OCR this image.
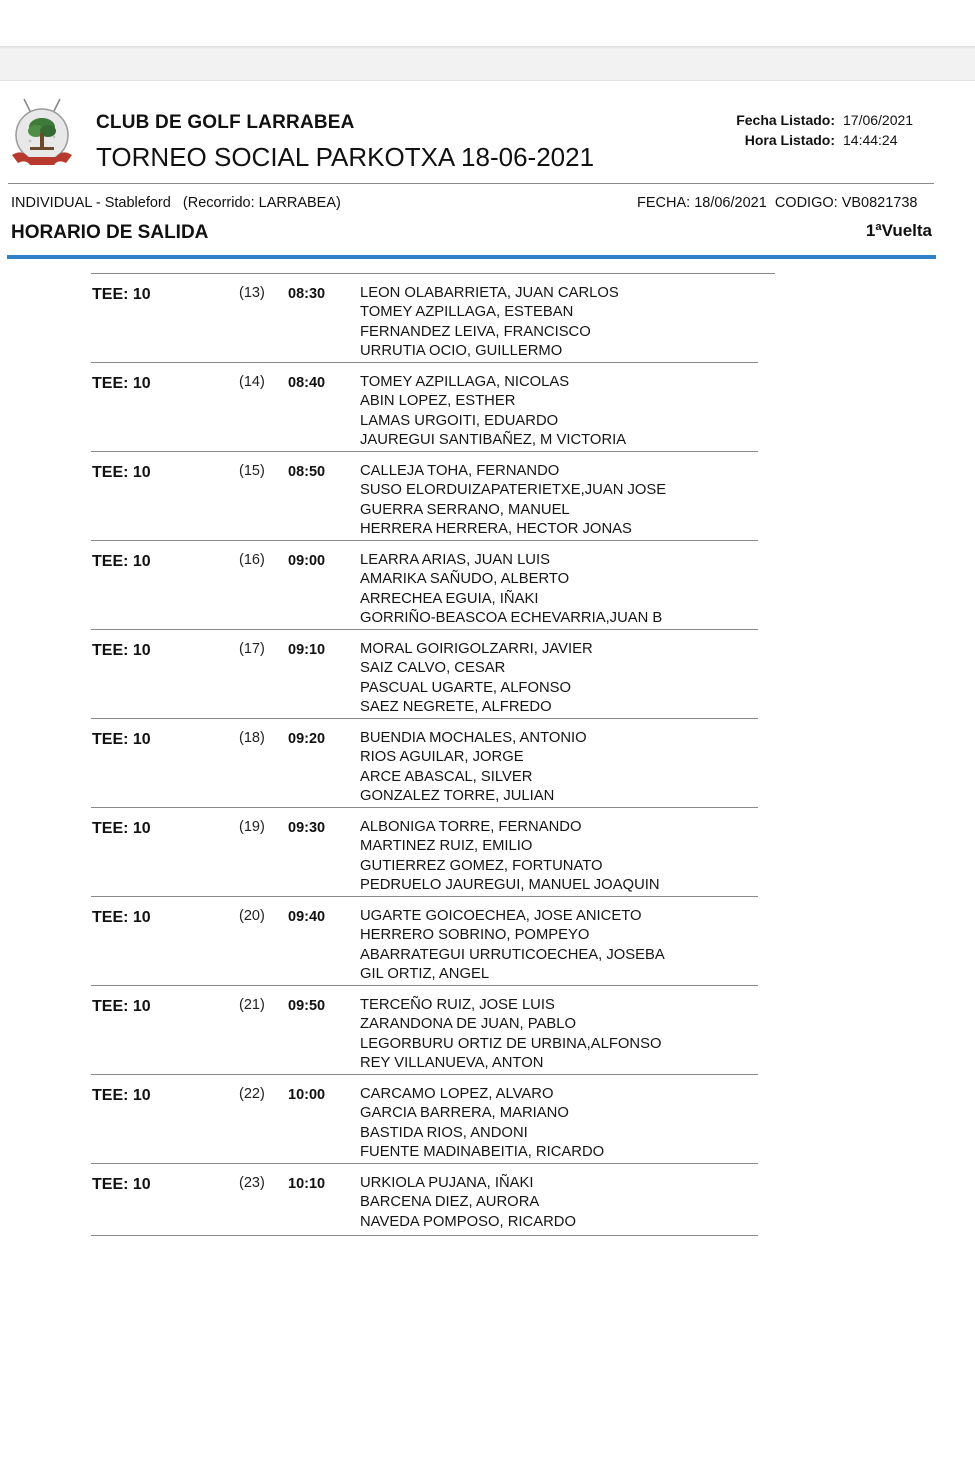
CLUB DE GOLF LARRABEA
TORNEO SOCIAL PARKOTXA 18-06-2021
Fecha Listado:
Hora Listado:
17/06/2021
14:44:24
INDIVIDUAL - Stableford   (Recorrido: LARRABEA)	FECHA: 18/06/2021  CODIGO: VB0821738
HORARIO DE SALIDA	1ªVuelta
TEE: 10	(13) 08:30 LEON OLABARRIETA, JUAN CARLOS
TOMEY AZPILLAGA, ESTEBAN
FERNANDEZ LEIVA, FRANCISCO
URRUTIA OCIO, GUILLERMO
TEE: 10	(14) 08:40 TOMEY AZPILLAGA, NICOLAS
ABIN LOPEZ, ESTHER
LAMAS URGOITI, EDUARDO
JAUREGUI SANTIBAÑEZ, M VICTORIA
TEE: 10	(15) 08:50 CALLEJA TOHA, FERNANDO
SUSO ELORDUIZAPATERIETXE,JUAN JOSE
GUERRA SERRANO, MANUEL
HERRERA HERRERA, HECTOR JONAS
TEE: 10	(16) 09:00 LEARRA ARIAS, JUAN LUIS
AMARIKA SAÑUDO, ALBERTO
ARRECHEA EGUIA, IÑAKI
GORRIÑO-BEASCOA ECHEVARRIA,JUAN B
TEE: 10	(17) 09:10 MORAL GOIRIGOLZARRI, JAVIER
SAIZ CALVO, CESAR
PASCUAL UGARTE, ALFONSO
SAEZ NEGRETE, ALFREDO
TEE: 10	(18) 09:20 BUENDIA MOCHALES, ANTONIO
RIOS AGUILAR, JORGE
ARCE ABASCAL, SILVER
GONZALEZ TORRE, JULIAN
TEE: 10	(19) 09:30 ALBONIGA TORRE, FERNANDO
MARTINEZ RUIZ, EMILIO
GUTIERREZ GOMEZ, FORTUNATO
PEDRUELO JAUREGUI, MANUEL JOAQUIN
TEE: 10	(20) 09:40 UGARTE GOICOECHEA, JOSE ANICETO
HERRERO SOBRINO, POMPEYO
ABARRATEGUI URRUTICOECHEA, JOSEBA
GIL ORTIZ, ANGEL
TEE: 10	(21) 09:50 TERCEÑO RUIZ, JOSE LUIS
ZARANDONA DE JUAN, PABLO
LEGORBURU ORTIZ DE URBINA,ALFONSO
REY VILLANUEVA, ANTON
TEE: 10	(22) 10:00 CARCAMO LOPEZ, ALVARO
GARCIA BARRERA, MARIANO
BASTIDA RIOS, ANDONI
FUENTE MADINABEITIA, RICARDO
TEE: 10	(23) 10:10 URKIOLA PUJANA, IÑAKI
BARCENA DIEZ, AURORA
NAVEDA POMPOSO, RICARDO
